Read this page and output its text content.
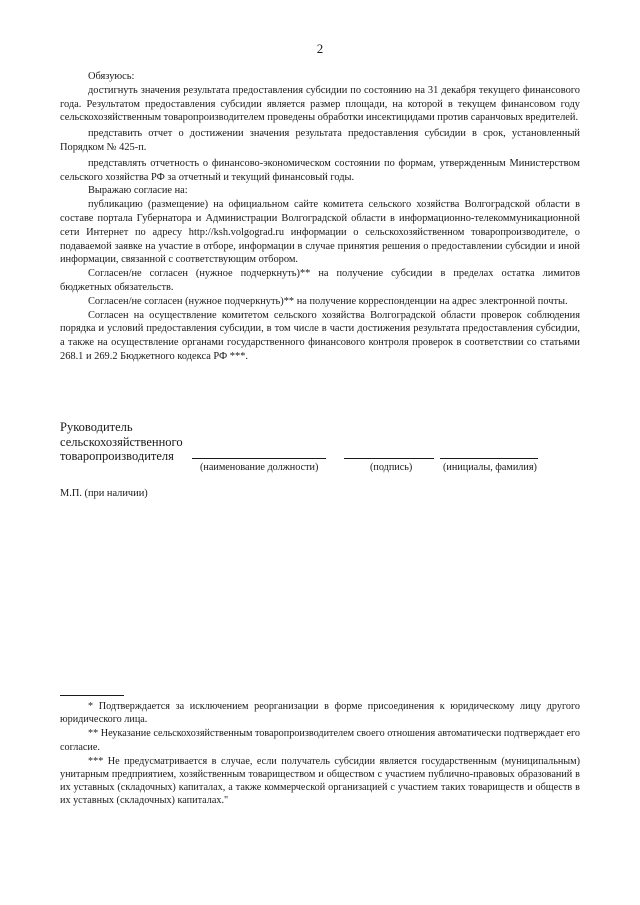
2

Обязуюсь:

достигнуть значения результата предоставления субсидии по состоянию на 31 декабря текущего финансового года. Результатом предоставления субсидии является размер площади, на которой в текущем финансовом году сельскохозяйственным товаропроизводителем проведены обработки инсектицидами против саранчовых вредителей.

представить отчет о достижении значения результата предоставления субсидии в срок, установленный Порядком № 425-п.

представлять отчетность о финансово-экономическом состоянии по формам, утвержденным Министерством сельского хозяйства РФ за отчетный и текущий финансовый годы.

Выражаю согласие на:

публикацию (размещение) на официальном сайте комитета сельского хозяйства Волгоградской области в составе портала Губернатора и Администрации Волгоградской области в информационно-телекоммуникационной сети Интернет по адресу http://ksh.volgograd.ru информации о сельскохозяйственном товаропроизводителе, о подаваемой заявке на участие в отборе, информации в случае принятия решения о предоставлении субсидии и иной информации, связанной с соответствующим отбором.

Согласен/не согласен (нужное подчеркнуть)** на получение субсидии в пределах остатка лимитов бюджетных обязательств.

Согласен/не согласен (нужное подчеркнуть)** на получение корреспонденции на адрес электронной почты.

Согласен на осуществление комитетом сельского хозяйства Волгоградской области проверок соблюдения порядка и условий предоставления субсидии, в том числе в части достижения результата предоставления субсидии, а также на осуществление органами государственного финансового контроля проверок в соответствии со статьями 268.1 и 269.2 Бюджетного кодекса РФ ***.

Руководитель
сельскохозяйственного
товаропроизводителя
(наименование должности)	(подпись)	(инициалы, фамилия)
М.П. (при наличии)

* Подтверждается за исключением реорганизации в форме присоединения к юридическому лицу другого юридического лица.

** Неуказание сельскохозяйственным товаропроизводителем своего отношения автоматически подтверждает его согласие.

*** Не предусматривается в случае, если получатель субсидии является государственным (муниципальным) унитарным предприятием, хозяйственным товариществом и обществом с участием публично-правовых образований в их уставных (складочных) капиталах, а также коммерческой организацией с участием таких товариществ и обществ в их уставных (складочных) капиталах."
